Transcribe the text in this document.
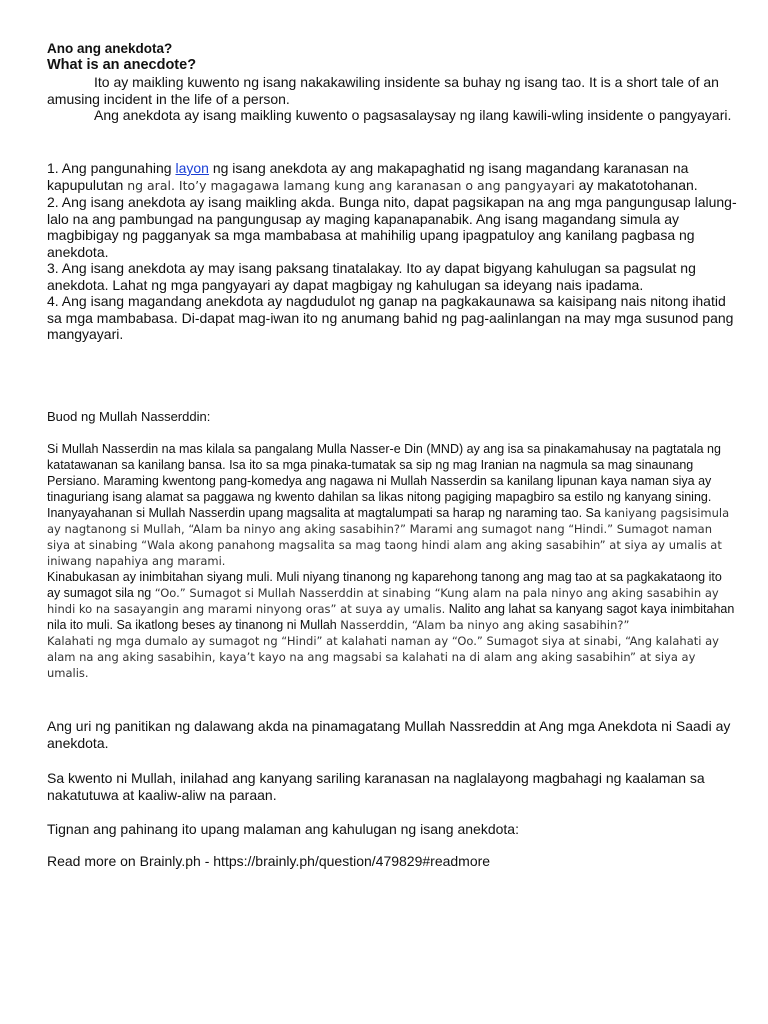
Ano ang anekdota?
What is an anecdote?

Ito ay maikling kuwento ng isang nakakawiling insidente sa buhay ng isang tao. It is a short tale of an amusing incident in the life of a person.

Ang anekdota ay isang maikling kuwento o pagsasalaysay ng ilang kawili-wling insidente o pangyayari.

1. Ang pangunahing layon ng isang anekdota ay ang makapaghatid ng isang magandang karanasan na kapupulutan ng aral. Ito’y magagawa lamang kung ang karanasan o ang pangyayari ay makatotohanan.

2. Ang isang anekdota ay isang maikling akda. Bunga nito, dapat pagsikapan na ang mga pangungusap lalung-lalo na ang pambungad na pangungusap ay maging kapanapanabik. Ang isang magandang simula ay magbibigay ng pagganyak sa mga mambabasa at mahihilig upang ipagpatuloy ang kanilang pagbasa ng anekdota.

3. Ang isang anekdota ay may isang paksang tinatalakay. Ito ay dapat bigyang kahulugan sa pagsulat ng anekdota. Lahat ng mga pangyayari ay dapat magbigay ng kahulugan sa ideyang nais ipadama.

4. Ang isang magandang anekdota ay nagdudulot ng ganap na pagkakaunawa sa kaisipang nais nitong ihatid sa mga mambabasa. Di-dapat mag-iwan ito ng anumang bahid ng pag-aalinlangan na may mga susunod pang mangyayari.

Buod ng Mullah Nasserddin:

Si Mullah Nasserdin na mas kilala sa pangalang Mulla Nasser-e Din (MND) ay ang isa sa pinakamahusay na pagtatala ng katatawanan sa kanilang bansa. Isa ito sa mga pinaka-tumatak sa sip ng mag Iranian na nagmula sa mag sinaunang Persiano. Maraming kwentong pang-komedya ang nagawa ni Mullah Nasserdin sa kanilang lipunan kaya naman siya ay tinaguriang isang alamat sa paggawa ng kwento dahilan sa likas nitong pagiging mapagbiro sa estilo ng kanyang sining.

Inanyayahanan si Mullah Nasserdin upang magsalita at magtalumpati sa harap ng naraming tao. Sa kaniyang pagsisimula ay nagtanong si Mullah, “Alam ba ninyo ang aking sasabihin?” Marami ang sumagot nang “Hindi.” Sumagot naman siya at sinabing “Wala akong panahong magsalita sa mag taong hindi alam ang aking sasabihin” at siya ay umalis at iniwang napahiya ang marami.

Kinabukasan ay inimbitahan siyang muli. Muli niyang tinanong ng kaparehong tanong ang mag tao at sa pagkakataong ito ay sumagot sila ng “Oo.” Sumagot si Mullah Nasserddin at sinabing “Kung alam na pala ninyo ang aking sasabihin ay hindi ko na sasayangin ang marami ninyong oras” at suya ay umalis. Nalito ang lahat sa kanyang sagot kaya inimbitahan nila ito muli. Sa ikatlong beses ay tinanong ni Mullah Nasserddin, “Alam ba ninyo ang aking sasabihin?”

Kalahati ng mga dumalo ay sumagot ng “Hindi” at kalahati naman ay “Oo.” Sumagot siya at sinabi, “Ang kalahati ay alam na ang aking sasabihin, kaya’t kayo na ang magsabi sa kalahati na di alam ang aking sasabihin” at siya ay umalis.

Ang uri ng panitikan ng dalawang akda na pinamagatang Mullah Nassreddin at Ang mga Anekdota ni Saadi ay anekdota.

Sa kwento ni Mullah, inilahad ang kanyang sariling karanasan na naglalayong magbahagi ng kaalaman sa nakatutuwa at kaaliw-aliw na paraan.

Tignan ang pahinang ito upang malaman ang kahulugan ng isang anekdota:

Read more on Brainly.ph - https://brainly.ph/question/479829#readmore
